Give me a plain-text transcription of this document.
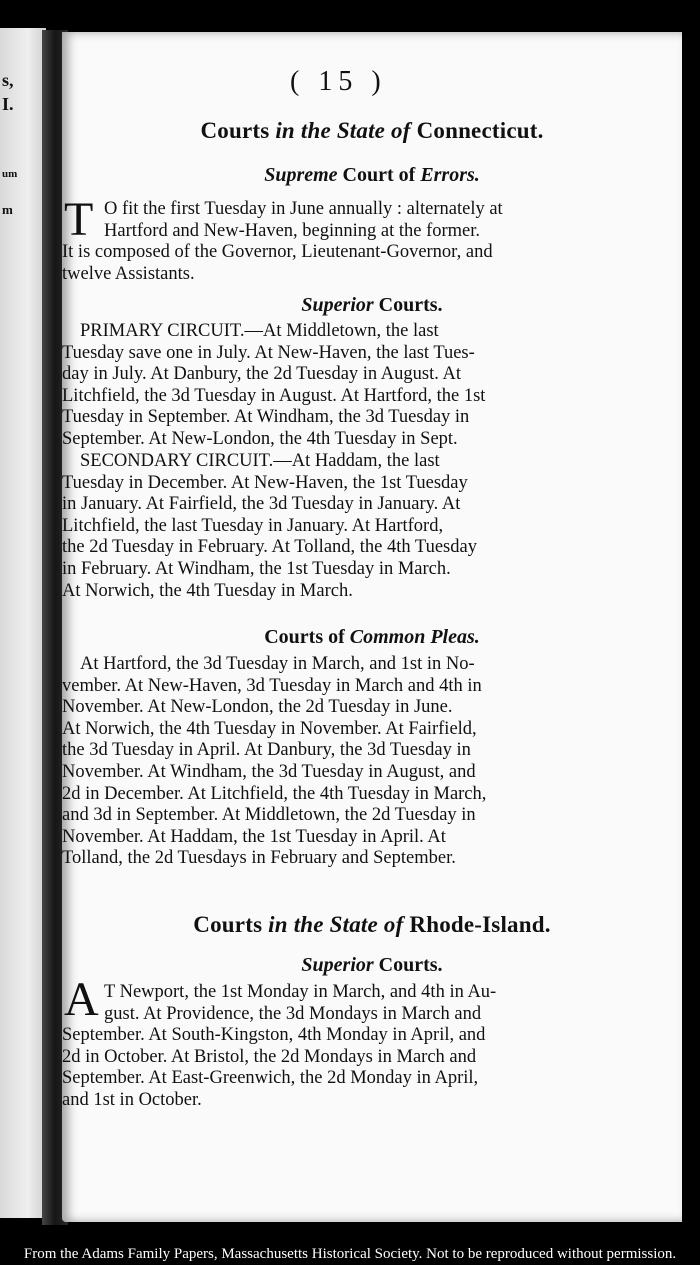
s,
I.
um
m
( 15 )
Courts in the State of Connecticut.
Supreme Court of Errors.
T O fit the first Tuesday in June annually : alternately at
Hartford and New-Haven, beginning at the former.
It is composed of the Governor, Lieutenant-Governor, and
twelve Assistants.
Superior Courts.
PRIMARY CIRCUIT.—At Middletown, the last
Tuesday save one in July. At New-Haven, the last Tues-
day in July. At Danbury, the 2d Tuesday in August. At
Litchfield, the 3d Tuesday in August. At Hartford, the 1st
Tuesday in September. At Windham, the 3d Tuesday in
September. At New-London, the 4th Tuesday in Sept.
SECONDARY CIRCUIT.—At Haddam, the last
Tuesday in December. At New-Haven, the 1st Tuesday
in January. At Fairfield, the 3d Tuesday in January. At
Litchfield, the last Tuesday in January. At Hartford,
the 2d Tuesday in February. At Tolland, the 4th Tuesday
in February. At Windham, the 1st Tuesday in March.
At Norwich, the 4th Tuesday in March.
Courts of Common Pleas.
At Hartford, the 3d Tuesday in March, and 1st in No-
vember. At New-Haven, 3d Tuesday in March and 4th in
November. At New-London, the 2d Tuesday in June.
At Norwich, the 4th Tuesday in November. At Fairfield,
the 3d Tuesday in April. At Danbury, the 3d Tuesday in
November. At Windham, the 3d Tuesday in August, and
2d in December. At Litchfield, the 4th Tuesday in March,
and 3d in September. At Middletown, the 2d Tuesday in
November. At Haddam, the 1st Tuesday in April. At
Tolland, the 2d Tuesdays in February and September.
Courts in the State of Rhode-Island.
Superior Courts.
A T Newport, the 1st Monday in March, and 4th in Au-
gust. At Providence, the 3d Mondays in March and
September. At South-Kingston, 4th Monday in April, and
2d in October. At Bristol, the 2d Mondays in March and
September. At East-Greenwich, the 2d Monday in April,
and 1st in October.
From the Adams Family Papers, Massachusetts Historical Society. Not to be reproduced without permission.
